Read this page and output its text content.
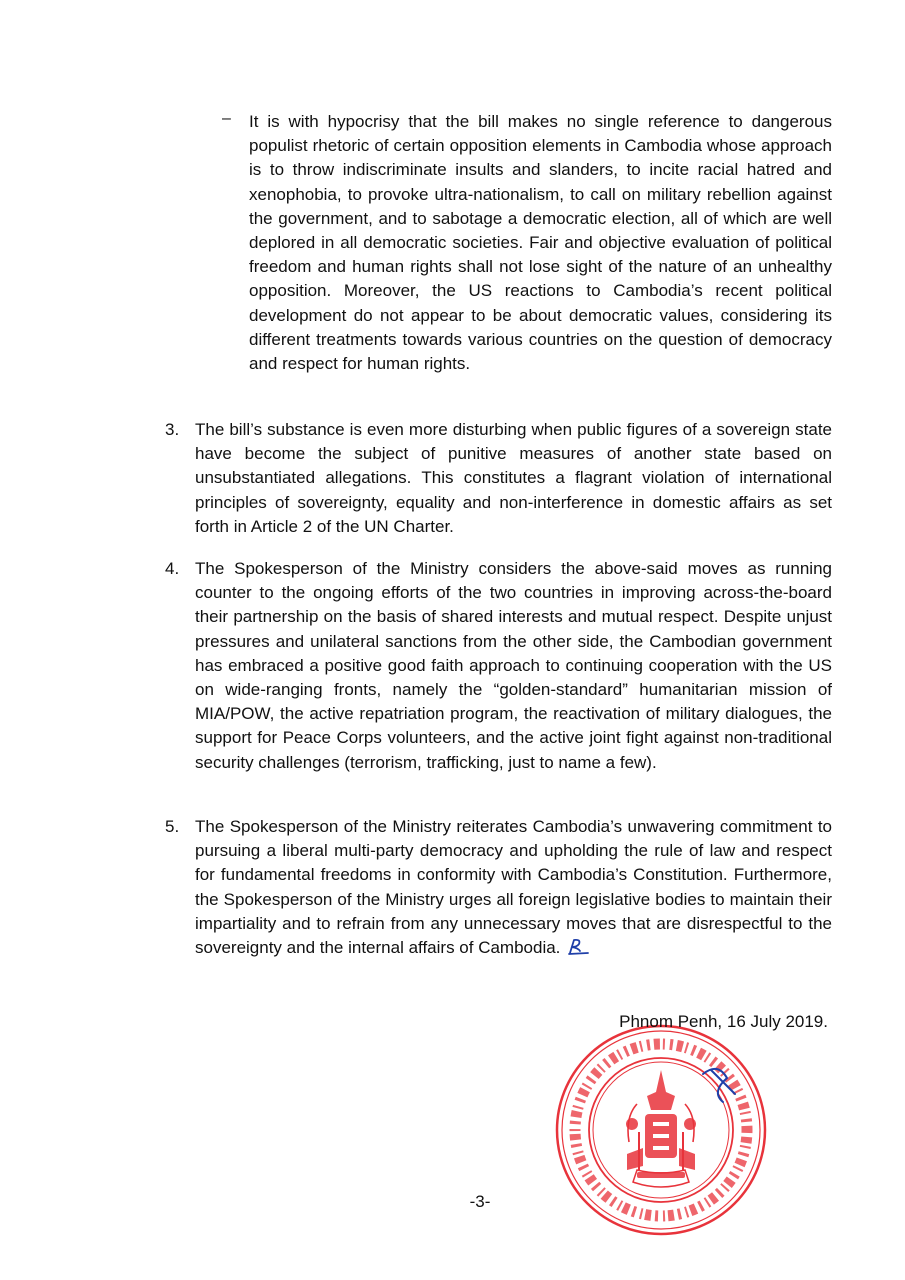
–	It is with hypocrisy that the bill makes no single reference to dangerous populist rhetoric of certain opposition elements in Cambodia whose approach is to throw indiscriminate insults and slanders, to incite racial hatred and xenophobia, to provoke ultra-nationalism, to call on military rebellion against the government, and to sabotage a democratic election, all of which are well deplored in all democratic societies. Fair and objective evaluation of political freedom and human rights shall not lose sight of the nature of an unhealthy opposition. Moreover, the US reactions to Cambodia’s recent political development do not appear to be about democratic values, considering its different treatments towards various countries on the question of democracy and respect for human rights.

3. The bill’s substance is even more disturbing when public figures of a sovereign state have become the subject of punitive measures of another state based on unsubstantiated allegations. This constitutes a flagrant violation of international principles of sovereignty, equality and non-interference in domestic affairs as set forth in Article 2 of the UN Charter.

4. The Spokesperson of the Ministry considers the above-said moves as running counter to the ongoing efforts of the two countries in improving across-the-board their partnership on the basis of shared interests and mutual respect. Despite unjust pressures and unilateral sanctions from the other side, the Cambodian government has embraced a positive good faith approach to continuing cooperation with the US on wide-ranging fronts, namely the “golden-standard” humanitarian mission of MIA/POW, the active repatriation program, the reactivation of military dialogues, the support for Peace Corps volunteers, and the active joint fight against non-traditional security challenges (terrorism, trafficking, just to name a few).

5. The Spokesperson of the Ministry reiterates Cambodia’s unwavering commitment to pursuing a liberal multi-party democracy and upholding the rule of law and respect for fundamental freedoms in conformity with Cambodia’s Constitution. Furthermore, the Spokesperson of the Ministry urges all foreign legislative bodies to maintain their impartiality and to refrain from any unnecessary moves that are disrespectful to the sovereignty and the internal affairs of Cambodia.

Phnom Penh, 16 July 2019.
-3-
